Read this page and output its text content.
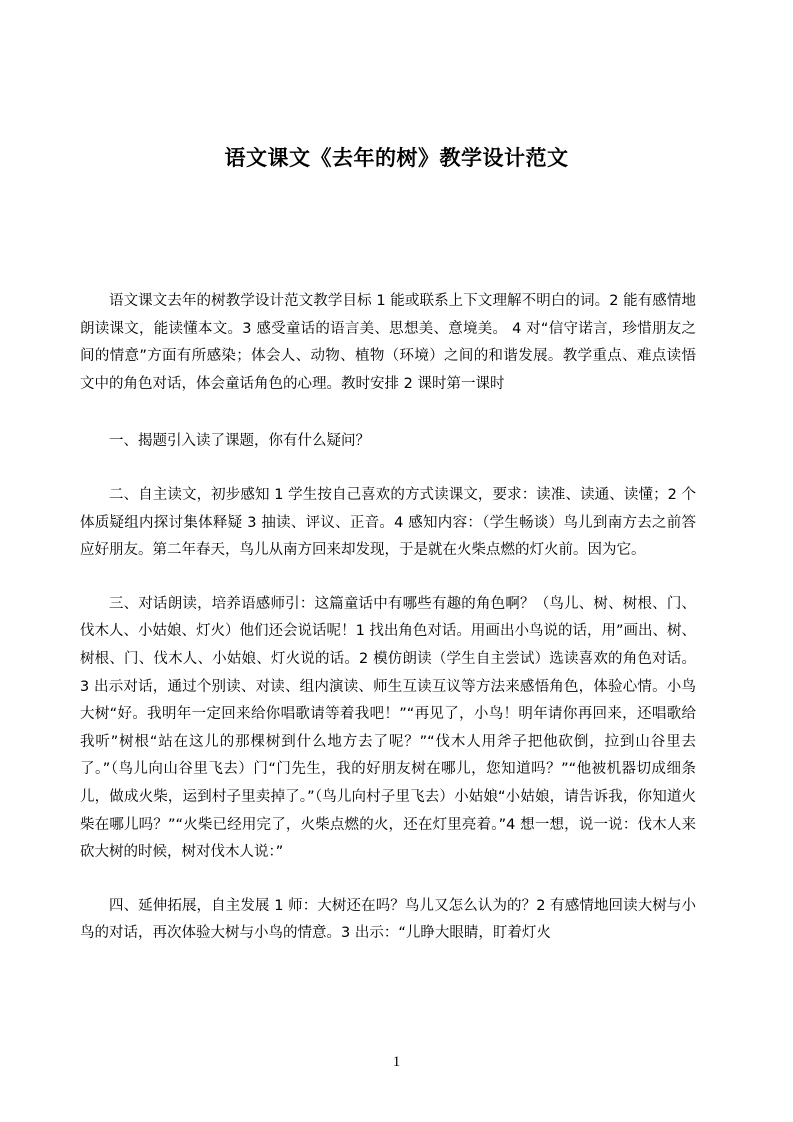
语文课文《去年的树》教学设计范文

语文课文去年的树教学设计范文教学目标 1 能或联系上下文理解不明白的词。2 能有感情地朗读课文，能读懂本文。3 感受童话的语言美、思想美、意境美。 4 对“信守诺言，珍惜朋友之间的情意”方面有所感染；体会人、动物、植物（环境）之间的和谐发展。教学重点、难点读悟文中的角色对话，体会童话角色的心理。教时安排 2 课时第一课时

一、揭题引入读了课题，你有什么疑问？

二、自主读文，初步感知 1 学生按自己喜欢的方式读课文，要求：读准、读通、读懂；2 个体质疑组内探讨集体释疑 3 抽读、评议、正音。4 感知内容：（学生畅谈）鸟儿到南方去之前答应好朋友。第二年春天，鸟儿从南方回来却发现，于是就在火柴点燃的灯火前。因为它。

三、对话朗读，培养语感师引：这篇童话中有哪些有趣的角色啊？（鸟儿、树、树根、门、伐木人、小姑娘、灯火）他们还会说话呢！1 找出角色对话。用画出小鸟说的话，用”画出、树、树根、门、伐木人、小姑娘、灯火说的话。2 模仿朗读（学生自主尝试）选读喜欢的角色对话。3 出示对话，通过个别读、对读、组内演读、师生互读互议等方法来感悟角色，体验心情。小鸟大树“好。我明年一定回来给你唱歌请等着我吧！”“再见了，小鸟！明年请你再回来，还唱歌给我听”树根“站在这儿的那棵树到什么地方去了呢？”“伐木人用斧子把他砍倒，拉到山谷里去了。”（鸟儿向山谷里飞去）门“门先生，我的好朋友树在哪儿，您知道吗？”“他被机器切成细条儿，做成火柴，运到村子里卖掉了。”（鸟儿向村子里飞去）小姑娘“小姑娘，请告诉我，你知道火柴在哪儿吗？”“火柴已经用完了，火柴点燃的火，还在灯里亮着。”4 想一想，说一说：伐木人来砍大树的时候，树对伐木人说：”

四、延伸拓展，自主发展 1 师：大树还在吗？鸟儿又怎么认为的？2 有感情地回读大树与小鸟的对话，再次体验大树与小鸟的情意。3 出示：“儿睁大眼睛，盯着灯火

1
